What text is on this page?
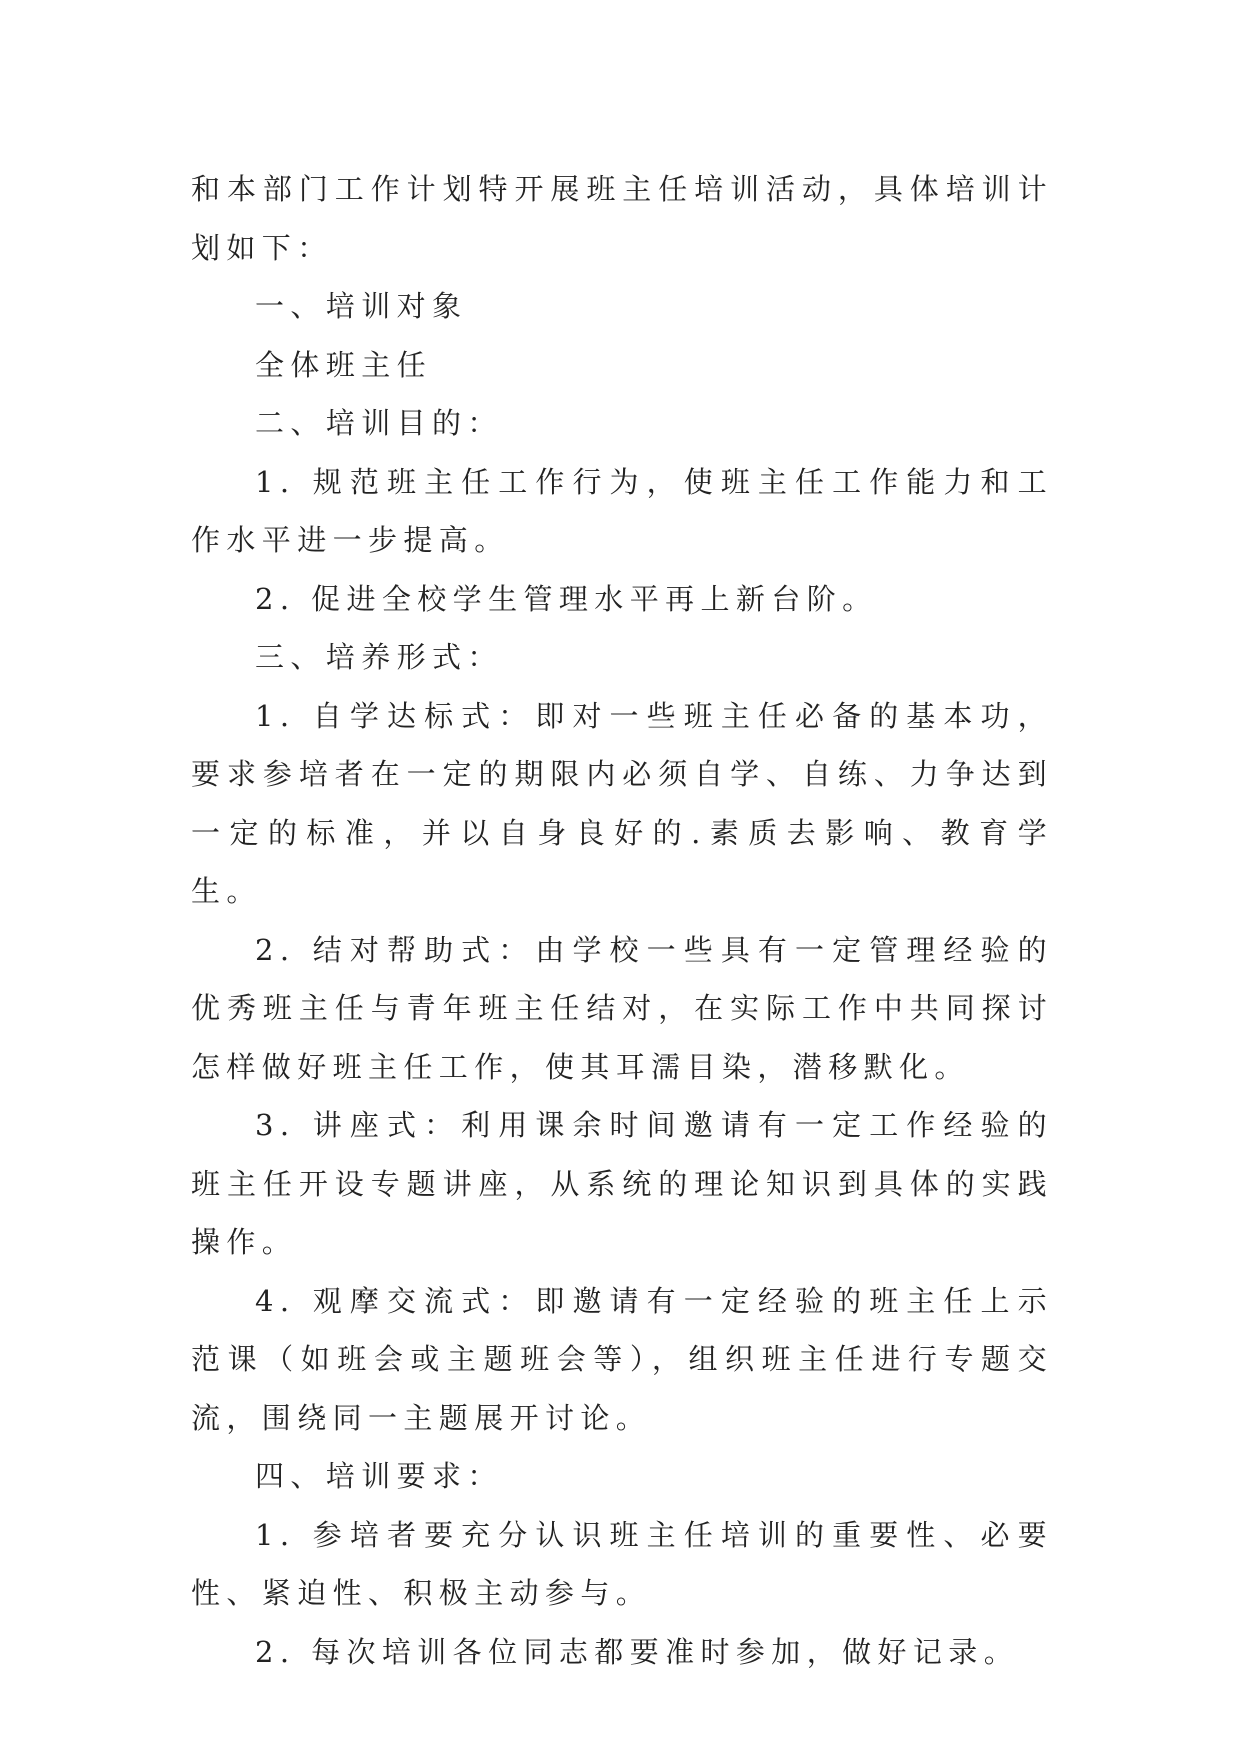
和本部门工作计划特开展班主任培训活动，具体培训计划如下：

一、培训对象

全体班主任

二、培训目的：

1. 规范班主任工作行为，使班主任工作能力和工作水平进一步提高。

2. 促进全校学生管理水平再上新台阶。

三、培养形式：

1. 自学达标式：即对一些班主任必备的基本功，要求参培者在一定的期限内必须自学、自练、力争达到一定的标准，并以自身良好的.素质去影响、教育学生。

2. 结对帮助式：由学校一些具有一定管理经验的优秀班主任与青年班主任结对，在实际工作中共同探讨怎样做好班主任工作，使其耳濡目染，潜移默化。

3. 讲座式：利用课余时间邀请有一定工作经验的班主任开设专题讲座，从系统的理论知识到具体的实践操作。

4. 观摩交流式：即邀请有一定经验的班主任上示范课（如班会或主题班会等），组织班主任进行专题交流，围绕同一主题展开讨论。

四、培训要求：

1. 参培者要充分认识班主任培训的重要性、必要性、紧迫性、积极主动参与。

2. 每次培训各位同志都要准时参加，做好记录。
